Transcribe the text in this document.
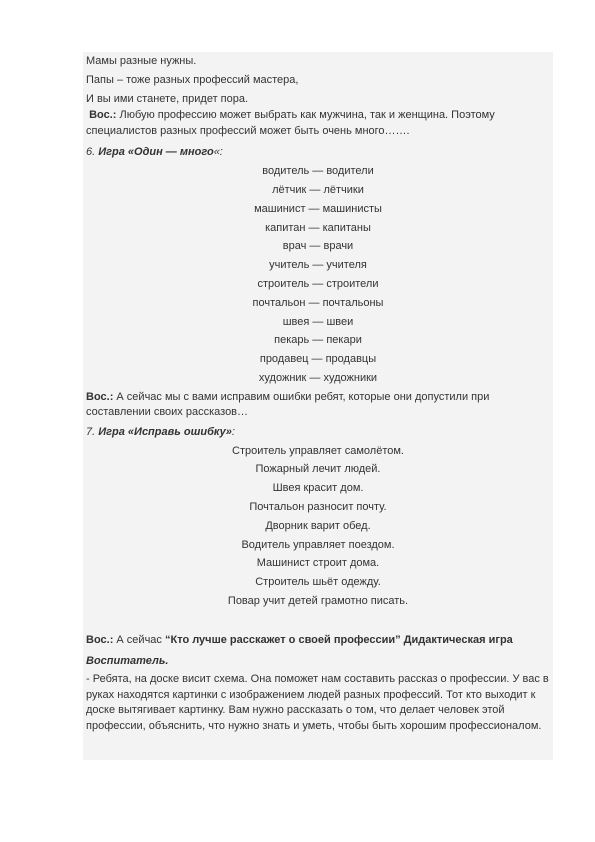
Мамы разные нужны.

Папы – тоже разных профессий мастера,

И вы ими станете, придет пора.

Вос.: Любую профессию может выбрать как мужчина, так и женщина. Поэтому специалистов разных профессий может быть очень много…….

6. Игра «Один — много«:

водитель — водители

лётчик — лётчики

машинист — машинисты

капитан — капитаны

врач — врачи

учитель — учителя

строитель — строители

почтальон — почтальоны

швея — швеи

пекарь — пекари

продавец — продавцы

художник — художники

Вос.: А сейчас мы с вами исправим ошибки ребят, которые они допустили при составлении своих рассказов…

7. Игра «Исправь ошибку»:

Строитель управляет самолётом.

Пожарный лечит людей.

Швея красит дом.

Почтальон разносит почту.

Дворник варит обед.

Водитель управляет поездом.

Машинист строит дома.

Строитель шьёт одежду.

Повар учит детей грамотно писать.

Вос.: А сейчас “Кто лучше расскажет о своей профессии” Дидактическая игра

Воспитатель.

- Ребята, на доске висит схема. Она поможет нам составить рассказ о профессии. У вас в руках находятся картинки с изображением людей разных профессий. Тот кто выходит к доске вытягивает картинку. Вам нужно рассказать о том, что делает человек этой профессии, объяснить, что нужно знать и уметь, чтобы быть хорошим профессионалом.
